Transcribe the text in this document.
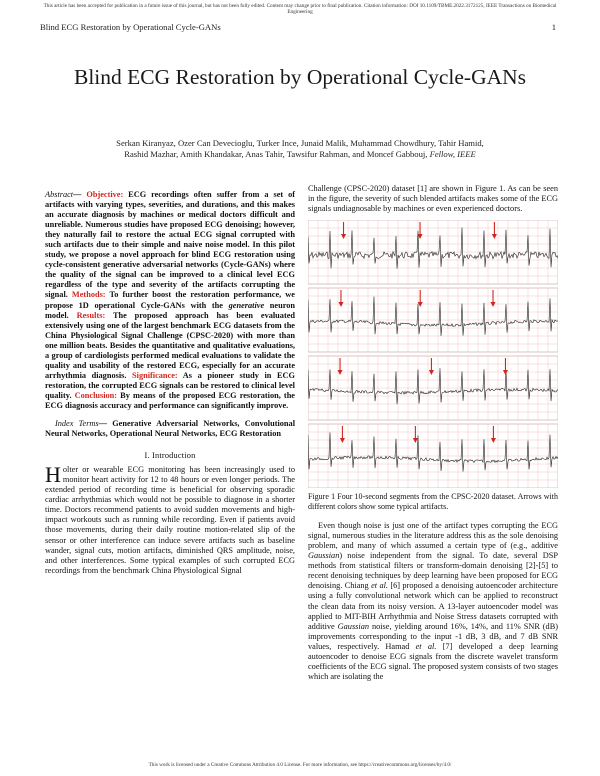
This article has been accepted for publication in a future issue of this journal, but has not been fully edited. Content may change prior to final publication. Citation information: DOI 10.1109/TBME.2022.3172125, IEEE Transactions on Biomedical Engineering
Blind ECG Restoration by Operational Cycle-GANs	1
Blind ECG Restoration by Operational Cycle-GANs
Serkan Kiranyaz, Ozer Can Devecioglu, Turker Ince, Junaid Malik, Muhammad Chowdhury, Tahir Hamid,
Rashid Mazhar, Amith Khandakar, Anas Tahir, Tawsifur Rahman, and Moncef Gabbouj, Fellow, IEEE
Abstract— Objective: ECG recordings often suffer from a set of artifacts with varying types, severities, and durations, and this makes an accurate diagnosis by machines or medical doctors difficult and unreliable. Numerous studies have proposed ECG denoising; however, they naturally fail to restore the actual ECG signal corrupted with such artifacts due to their simple and naive noise model. In this pilot study, we propose a novel approach for blind ECG restoration using cycle-consistent generative adversarial networks (Cycle-GANs) where the quality of the signal can be improved to a clinical level ECG regardless of the type and severity of the artifacts corrupting the signal. Methods: To further boost the restoration performance, we propose 1D operational Cycle-GANs with the generative neuron model. Results: The proposed approach has been evaluated extensively using one of the largest benchmark ECG datasets from the China Physiological Signal Challenge (CPSC-2020) with more than one million beats. Besides the quantitative and qualitative evaluations, a group of cardiologists performed medical evaluations to validate the quality and usability of the restored ECG, especially for an accurate arrhythmia diagnosis. Significance: As a pioneer study in ECG restoration, the corrupted ECG signals can be restored to clinical level quality. Conclusion: By means of the proposed ECG restoration, the ECG diagnosis accuracy and performance can significantly improve.
Index Terms— Generative Adversarial Networks, Convolutional Neural Networks, Operational Neural Networks, ECG Restoration
I. Introduction
Holter or wearable ECG monitoring has been increasingly used to monitor heart activity for 12 to 48 hours or even longer periods. The extended period of recording time is beneficial for observing sporadic cardiac arrhythmias which would not be possible to diagnose in a shorter time. Doctors recommend patients to avoid sudden movements and high-impact workouts such as running while recording. Even if patients avoid those movements, during their daily routine motion-related slip of the sensor or other interference can induce severe artifacts such as baseline wander, signal cuts, motion artifacts, diminished QRS amplitude, noise, and other interferences. Some typical examples of such corrupted ECG recordings from the benchmark China Physiological Signal
Challenge (CPSC-2020) dataset [1] are shown in Figure 1. As can be seen in the figure, the severity of such blended artifacts makes some of the ECG signals undiagnosable by machines or even experienced doctors.
Figure 1 Four 10-second segments from the CPSC-2020 dataset. Arrows with different colors show some typical artifacts.
Even though noise is just one of the artifact types corrupting the ECG signal, numerous studies in the literature address this as the sole denoising problem, and many of which assumed a certain type of (e.g., additive Gaussian) noise independent from the signal. To date, several DSP methods from statistical filters or transform-domain denoising [2]-[5] to recent denoising techniques by deep learning have been proposed for ECG denoising. Chiang et al. [6] proposed a denoising autoencoder architecture using a fully convolutional network which can be applied to reconstruct the clean data from its noisy version. A 13-layer autoencoder model was applied to MIT-BIH Arrhythmia and Noise Stress datasets corrupted with additive Gaussian noise, yielding around 16%, 14%, and 11% SNR (dB) improvements corresponding to the input -1 dB, 3 dB, and 7 dB SNR values, respectively. Hamad et al. [7] developed a deep learning autoencoder to denoise ECG signals from the discrete wavelet transform coefficients of the ECG signal. The proposed system consists of two stages which are isolating the
This work is licensed under a Creative Commons Attribution 4.0 License. For more information, see https://creativecommons.org/licenses/by/4.0/
